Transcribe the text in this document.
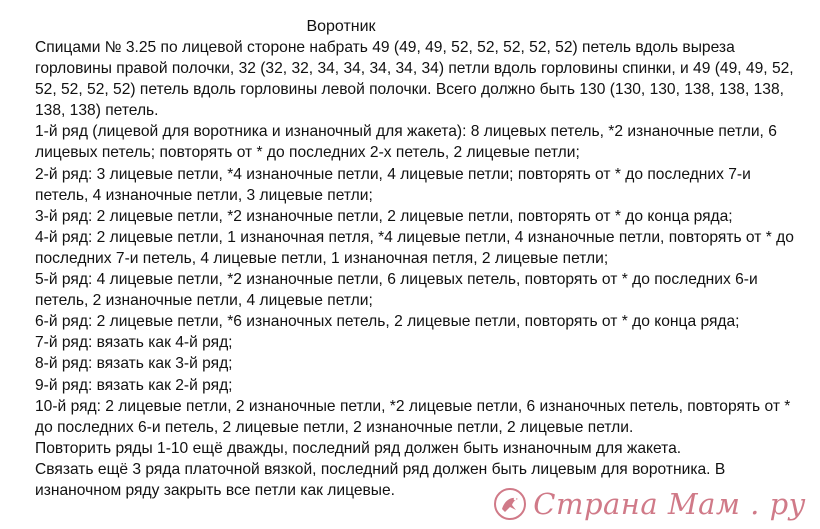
Воротник

Спицами № 3.25 по лицевой стороне набрать 49 (49, 49, 52, 52, 52, 52, 52) петель вдоль выреза горловины правой полочки, 32 (32, 32, 34, 34, 34, 34, 34) петли вдоль горловины спинки, и 49 (49, 49, 52, 52, 52, 52, 52) петель вдоль горловины левой полочки. Всего должно быть 130 (130, 130, 138, 138, 138, 138, 138) петель.

1-й ряд (лицевой для воротника и изнаночный для жакета): 8 лицевых петель, *2 изнаночные петли, 6 лицевых петель; повторять от * до последних 2-х петель, 2 лицевые петли;

2-й ряд: 3 лицевые петли, *4 изнаночные петли, 4 лицевые петли; повторять от * до последних 7-и петель, 4 изнаночные петли, 3 лицевые петли;

3-й ряд: 2 лицевые петли, *2 изнаночные петли, 2 лицевые петли, повторять от * до конца ряда;

4-й ряд: 2 лицевые петли, 1 изнаночная петля, *4 лицевые петли, 4 изнаночные петли, повторять от * до последних 7-и петель, 4 лицевые петли, 1 изнаночная петля, 2 лицевые петли;

5-й ряд: 4 лицевые петли, *2 изнаночные петли, 6 лицевых петель, повторять от * до последних 6-и петель, 2 изнаночные петли, 4 лицевые петли;

6-й ряд: 2 лицевые петли, *6 изнаночных петель, 2 лицевые петли, повторять от * до конца ряда;

7-й ряд: вязать как 4-й ряд;

8-й ряд: вязать как 3-й ряд;

9-й ряд: вязать как 2-й ряд;

10-й ряд: 2 лицевые петли, 2 изнаночные петли, *2 лицевые петли, 6 изнаночных петель, повторять от * до последних 6-и петель, 2 лицевые петли, 2 изнаночные петли, 2 лицевые петли.

Повторить ряды 1-10 ещё дважды, последний ряд должен быть изнаночным для жакета.

Связать ещё 3 ряда платочной вязкой, последний ряд должен быть лицевым для воротника. В изнаночном ряду закрыть все петли как лицевые.	Страна Мам . ру
